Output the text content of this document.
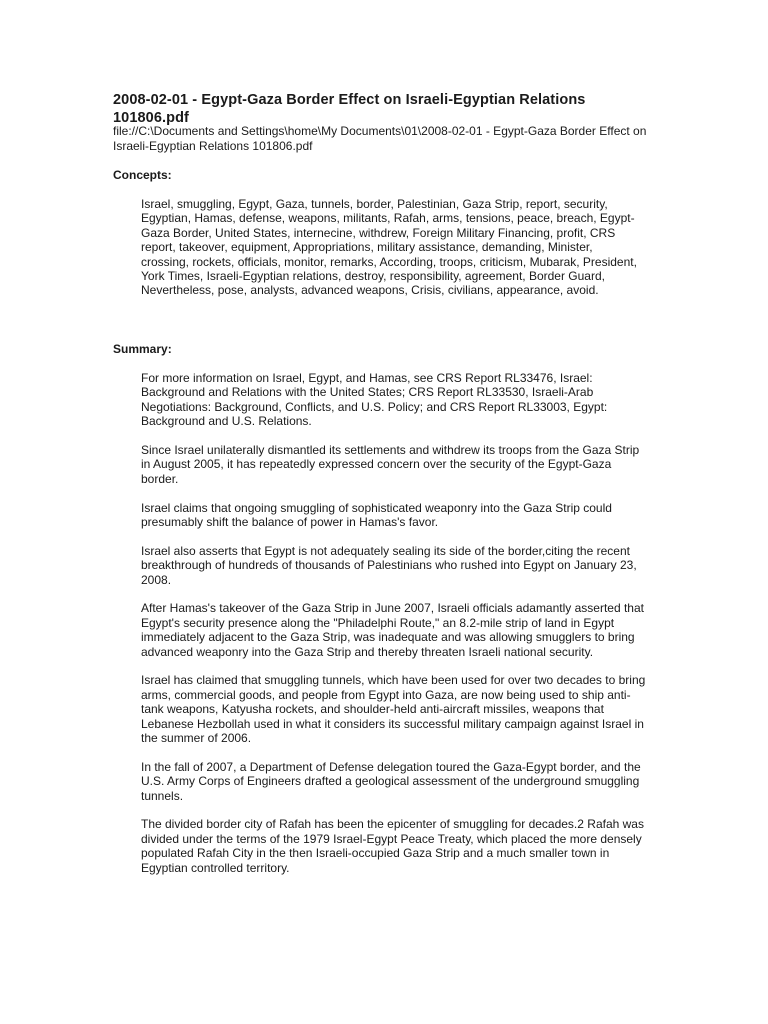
2008-02-01 - Egypt-Gaza Border Effect on Israeli-Egyptian Relations 101806.pdf

file://C:\Documents and Settings\home\My Documents\01\2008-02-01 - Egypt-Gaza Border Effect on Israeli-Egyptian Relations 101806.pdf

Concepts:

Israel, smuggling, Egypt, Gaza, tunnels, border, Palestinian, Gaza Strip, report, security, Egyptian, Hamas, defense, weapons, militants, Rafah, arms, tensions, peace, breach, Egypt-Gaza Border, United States, internecine, withdrew, Foreign Military Financing, profit, CRS report, takeover, equipment, Appropriations, military assistance, demanding, Minister, crossing, rockets, officials, monitor, remarks, According, troops, criticism, Mubarak, President, York Times, Israeli-Egyptian relations, destroy, responsibility, agreement, Border Guard, Nevertheless, pose, analysts, advanced weapons, Crisis, civilians, appearance, avoid.

Summary:

For more information on Israel, Egypt, and Hamas, see CRS Report RL33476, Israel: Background and Relations with the United States; CRS Report RL33530, Israeli-Arab Negotiations: Background, Conflicts, and U.S. Policy; and CRS Report RL33003, Egypt: Background and U.S. Relations.

Since Israel unilaterally dismantled its settlements and withdrew its troops from the Gaza Strip in August 2005, it has repeatedly expressed concern over the security of the Egypt-Gaza border.

Israel claims that ongoing smuggling of sophisticated weaponry into the Gaza Strip could presumably shift the balance of power in Hamas's favor.

Israel also asserts that Egypt is not adequately sealing its side of the border,citing the recent breakthrough of hundreds of thousands of Palestinians who rushed into Egypt on January 23, 2008.

After Hamas's takeover of the Gaza Strip in June 2007, Israeli officials adamantly asserted that Egypt's security presence along the "Philadelphi Route," an 8.2-mile strip of land in Egypt immediately adjacent to the Gaza Strip, was inadequate and was allowing smugglers to bring advanced weaponry into the Gaza Strip and thereby threaten Israeli national security.

Israel has claimed that smuggling tunnels, which have been used for over two decades to bring arms, commercial goods, and people from Egypt into Gaza, are now being used to ship anti-tank weapons, Katyusha rockets, and shoulder-held anti-aircraft missiles, weapons that Lebanese Hezbollah used in what it considers its successful military campaign against Israel in the summer of 2006.

In the fall of 2007, a Department of Defense delegation toured the Gaza-Egypt border, and the U.S. Army Corps of Engineers drafted a geological assessment of the underground smuggling tunnels.

The divided border city of Rafah has been the epicenter of smuggling for decades.2 Rafah was divided under the terms of the 1979 Israel-Egypt Peace Treaty, which placed the more densely populated Rafah City in the then Israeli-occupied Gaza Strip and a much smaller town in Egyptian controlled territory.
